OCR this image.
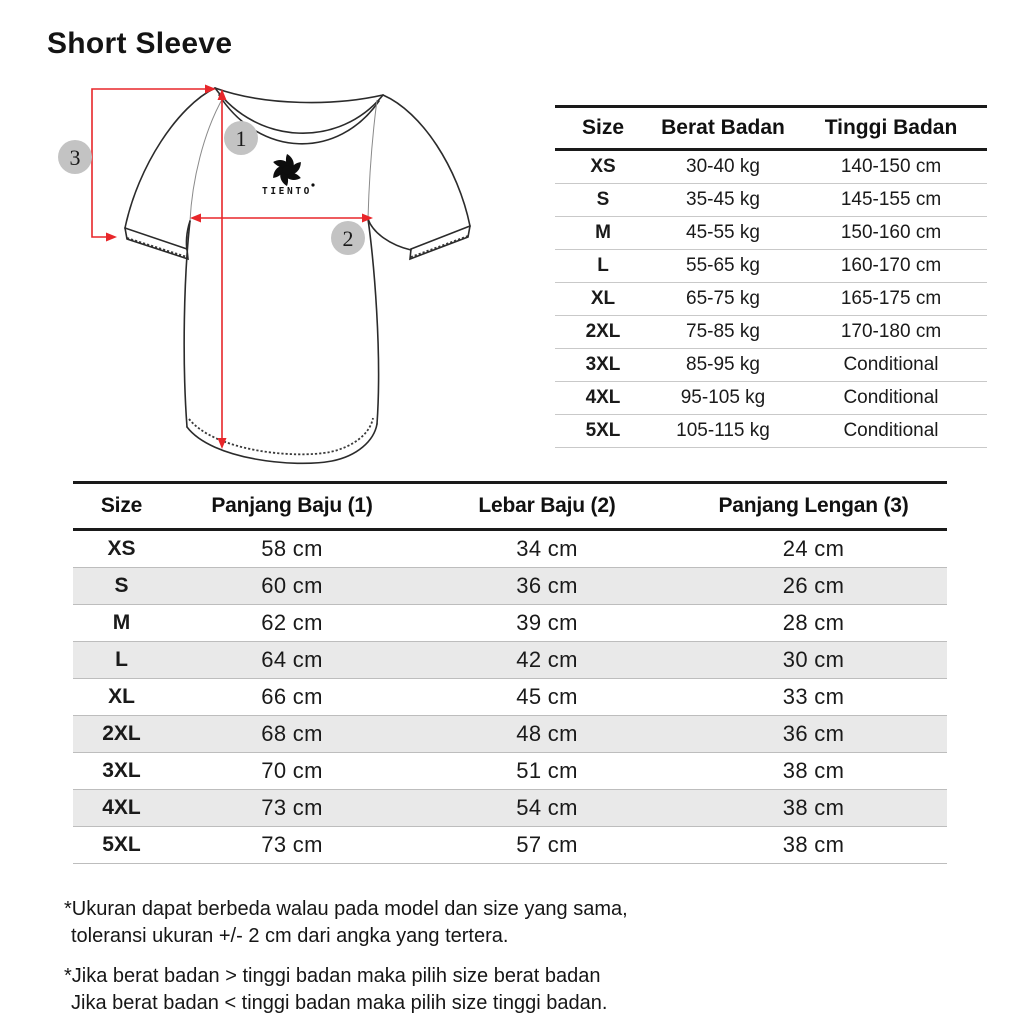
Short Sleeve
TIENTO
1
2
3
Size	Berat Badan	Tinggi Badan
XS	30-40 kg	140-150 cm
S	35-45 kg	145-155 cm
M	45-55 kg	150-160 cm
L	55-65 kg	160-170 cm
XL	65-75 kg	165-175 cm
2XL	75-85 kg	170-180 cm
3XL	85-95 kg	Conditional
4XL	95-105 kg	Conditional
5XL	105-115 kg	Conditional
Size	Panjang Baju (1)	Lebar Baju (2)	Panjang Lengan (3)
XS	58 cm	34 cm	24 cm
S	60 cm	36 cm	26 cm
M	62 cm	39 cm	28 cm
L	64 cm	42 cm	30 cm
XL	66 cm	45 cm	33 cm
2XL	68 cm	48 cm	36 cm
3XL	70 cm	51 cm	38 cm
4XL	73 cm	54 cm	38 cm
5XL	73 cm	57 cm	38 cm

*Ukuran dapat berbeda walau pada model dan size yang sama,
toleransi ukuran +/- 2 cm dari angka yang tertera.

*Jika berat badan > tinggi badan maka pilih size berat badan
Jika berat badan < tinggi badan maka pilih size tinggi badan.
